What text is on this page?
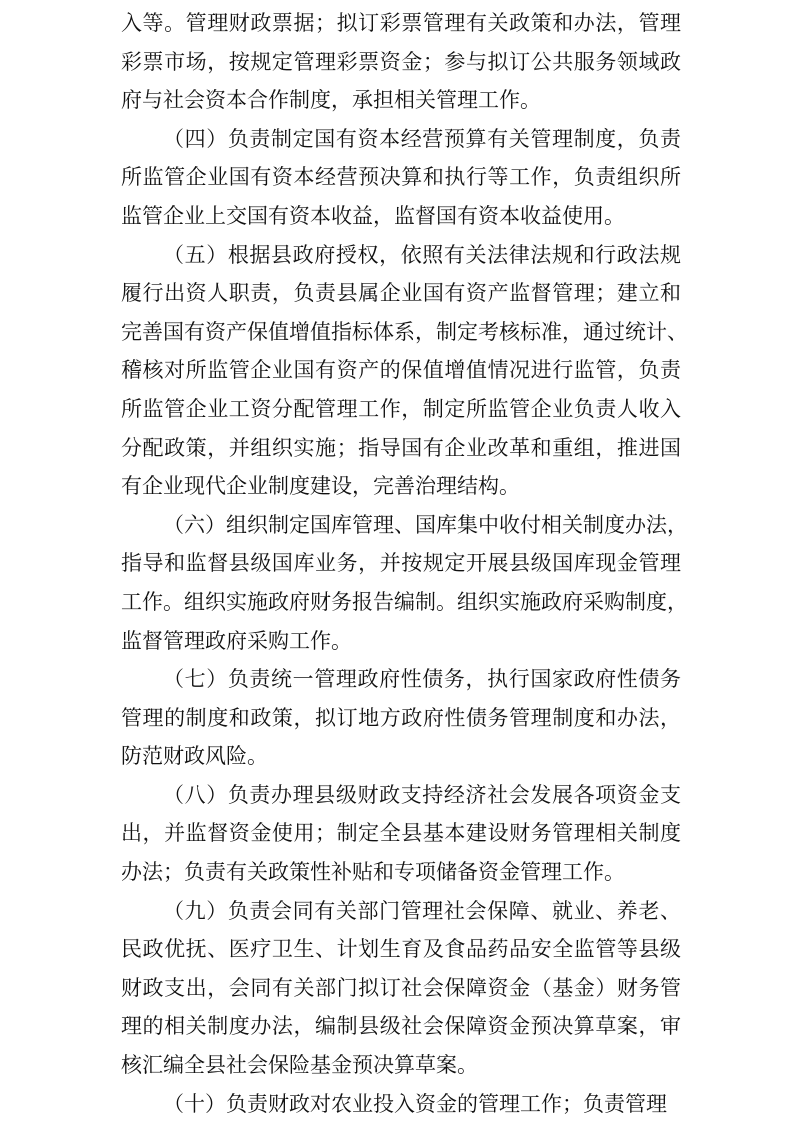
入等。管理财政票据；拟订彩票管理有关政策和办法，管理
彩票市场，按规定管理彩票资金；参与拟订公共服务领域政
府与社会资本合作制度，承担相关管理工作。
（四）负责制定国有资本经营预算有关管理制度，负责
所监管企业国有资本经营预决算和执行等工作，负责组织所
监管企业上交国有资本收益，监督国有资本收益使用。
（五）根据县政府授权，依照有关法律法规和行政法规
履行出资人职责，负责县属企业国有资产监督管理；建立和
完善国有资产保值增值指标体系，制定考核标准，通过统计、
稽核对所监管企业国有资产的保值增值情况进行监管，负责
所监管企业工资分配管理工作，制定所监管企业负责人收入
分配政策，并组织实施；指导国有企业改革和重组，推进国
有企业现代企业制度建设，完善治理结构。
（六）组织制定国库管理、国库集中收付相关制度办法，
指导和监督县级国库业务，并按规定开展县级国库现金管理
工作。组织实施政府财务报告编制。组织实施政府采购制度，
监督管理政府采购工作。
（七）负责统一管理政府性债务，执行国家政府性债务
管理的制度和政策，拟订地方政府性债务管理制度和办法，
防范财政风险。
（八）负责办理县级财政支持经济社会发展各项资金支
出，并监督资金使用；制定全县基本建设财务管理相关制度
办法；负责有关政策性补贴和专项储备资金管理工作。
（九）负责会同有关部门管理社会保障、就业、养老、
民政优抚、医疗卫生、计划生育及食品药品安全监管等县级
财政支出，会同有关部门拟订社会保障资金（基金）财务管
理的相关制度办法，编制县级社会保障资金预决算草案，审
核汇编全县社会保险基金预决算草案。
（十）负责财政对农业投入资金的管理工作；负责管理
